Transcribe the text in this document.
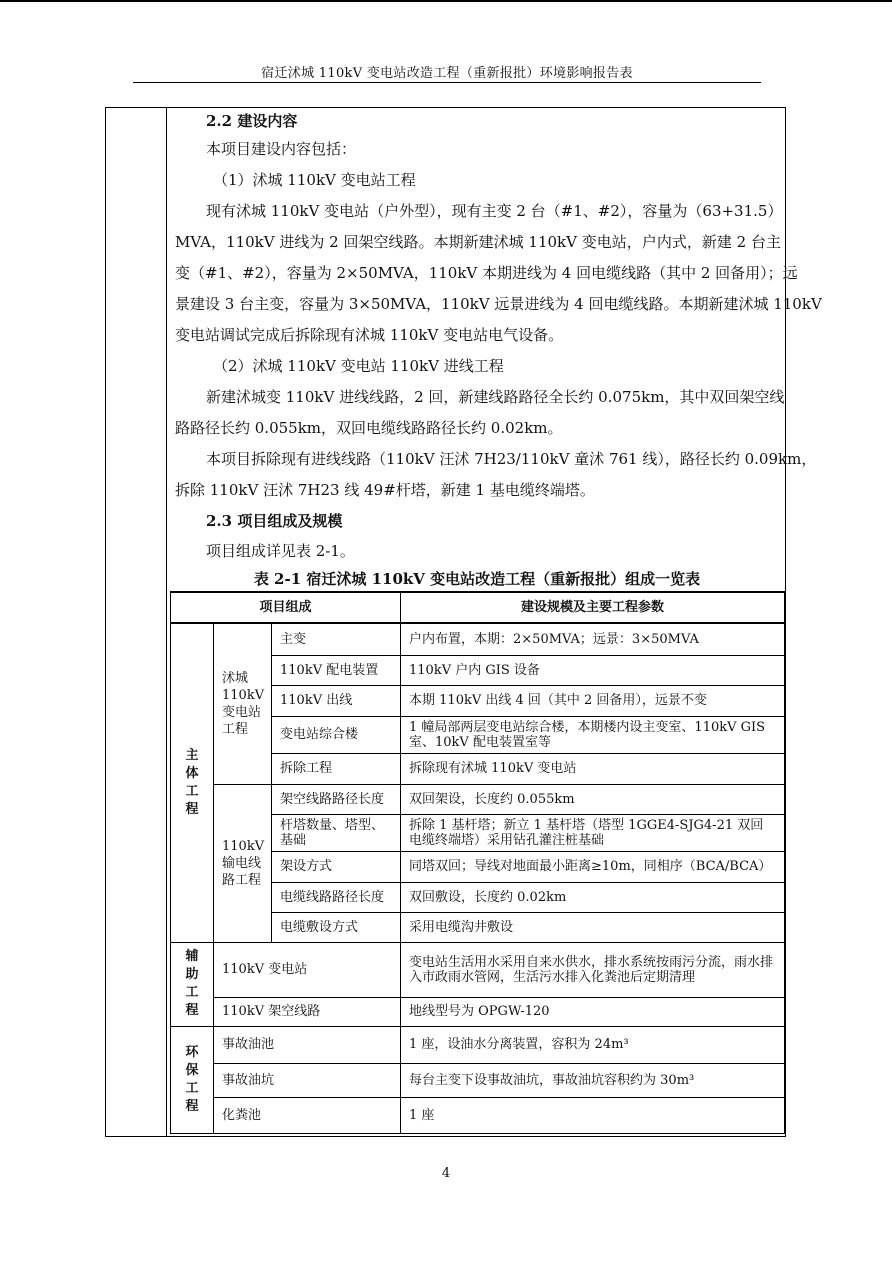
宿迁沭城 110kV 变电站改造工程（重新报批）环境影响报告表
2.2 建设内容
本项目建设内容包括：
（1）沭城 110kV 变电站工程
现有沭城 110kV 变电站（户外型），现有主变 2 台（#1、#2），容量为（63+31.5）
MVA，110kV 进线为 2 回架空线路。本期新建沭城 110kV 变电站，户内式，新建 2 台主
变（#1、#2），容量为 2×50MVA，110kV 本期进线为 4 回电缆线路（其中 2 回备用）；远
景建设 3 台主变，容量为 3×50MVA，110kV 远景进线为 4 回电缆线路。本期新建沭城 110kV
变电站调试完成后拆除现有沭城 110kV 变电站电气设备。
（2）沭城 110kV 变电站 110kV 进线工程
新建沭城变 110kV 进线线路，2 回，新建线路路径全长约 0.075km，其中双回架空线
路路径长约 0.055km，双回电缆线路路径长约 0.02km。
本项目拆除现有进线线路（110kV 汪沭 7H23/110kV 童沭 761 线），路径长约 0.09km，
拆除 110kV 汪沭 7H23 线 49#杆塔，新建 1 基电缆终端塔。
2.3 项目组成及规模
项目组成详见表 2-1。
表 2-1 宿迁沭城 110kV 变电站改造工程（重新报批）组成一览表
项目组成			建设规模及主要工程参数
主体工程	沭城 110kV 变电站工程	主变	户内布置，本期：2×50MVA；远景：3×50MVA
		110kV 配电装置	110kV 户内 GIS 设备
		110kV 出线	本期 110kV 出线 4 回（其中 2 回备用），远景不变
		变电站综合楼	1 幢局部两层变电站综合楼，本期楼内设主变室、110kV GIS 室、10kV 配电装置室等
		拆除工程	拆除现有沭城 110kV 变电站
	110kV 输电线路工程	架空线路路径长度	双回架设，长度约 0.055km
		杆塔数量、塔型、基础	拆除 1 基杆塔；新立 1 基杆塔（塔型 1GGE4-SJG4-21 双回电缆终端塔）采用钻孔灌注桩基础
		架设方式	同塔双回；导线对地面最小距离≥10m，同相序（BCA/BCA）
		电缆线路路径长度	双回敷设，长度约 0.02km
		电缆敷设方式	采用电缆沟井敷设
辅助工程	110kV 变电站		变电站生活用水采用自来水供水，排水系统按雨污分流，雨水排入市政雨水管网，生活污水排入化粪池后定期清理
	110kV 架空线路		地线型号为 OPGW-120
环保工程	事故油池		1 座，设油水分离装置，容积为 24m³
	事故油坑		每台主变下设事故油坑，事故油坑容积约为 30m³
	化粪池		1 座
4
